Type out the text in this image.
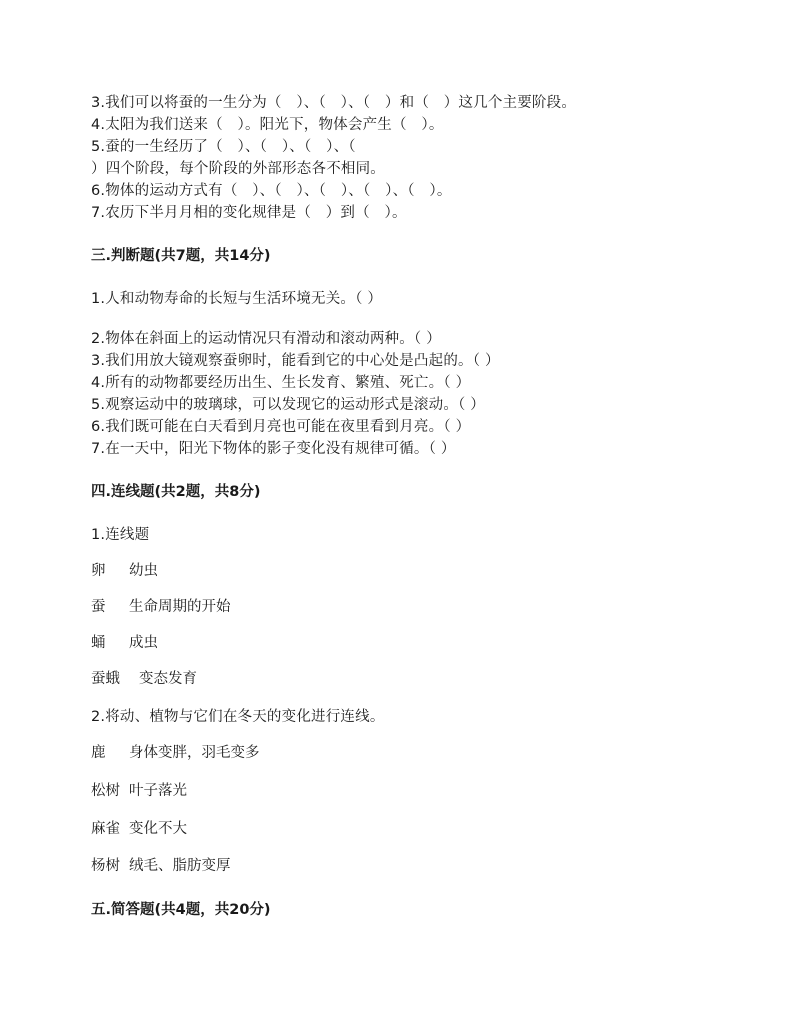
3.我们可以将蚕的一生分为（　）、（　）、（　）和（　）这几个主要阶段。
4.太阳为我们送来（　）。阳光下，物体会产生（　）。
5.蚕的一生经历了（　）、（　）、（　）、（
）四个阶段，每个阶段的外部形态各不相同。
6.物体的运动方式有（　）、（　）、（　）、（　）、（　）。
7.农历下半月月相的变化规律是（　）到（　）。
三.判断题(共7题，共14分)
1.人和动物寿命的长短与生活环境无关。（ ）
2.物体在斜面上的运动情况只有滑动和滚动两种。（ ）
3.我们用放大镜观察蚕卵时，能看到它的中心处是凸起的。（ ）
4.所有的动物都要经历出生、生长发育、繁殖、死亡。（ ）
5.观察运动中的玻璃球，可以发现它的运动形式是滚动。（ ）
6.我们既可能在白天看到月亮也可能在夜里看到月亮。（ ）
7.在一天中，阳光下物体的影子变化没有规律可循。（ ）
四.连线题(共2题，共8分)
1.连线题
卵 幼虫
蚕 生命周期的开始
蛹 成虫
蚕蛾 变态发育
2.将动、植物与它们在冬天的变化进行连线。
鹿 身体变胖，羽毛变多
松树 叶子落光
麻雀 变化不大
杨树 绒毛、脂肪变厚
五.简答题(共4题，共20分)
